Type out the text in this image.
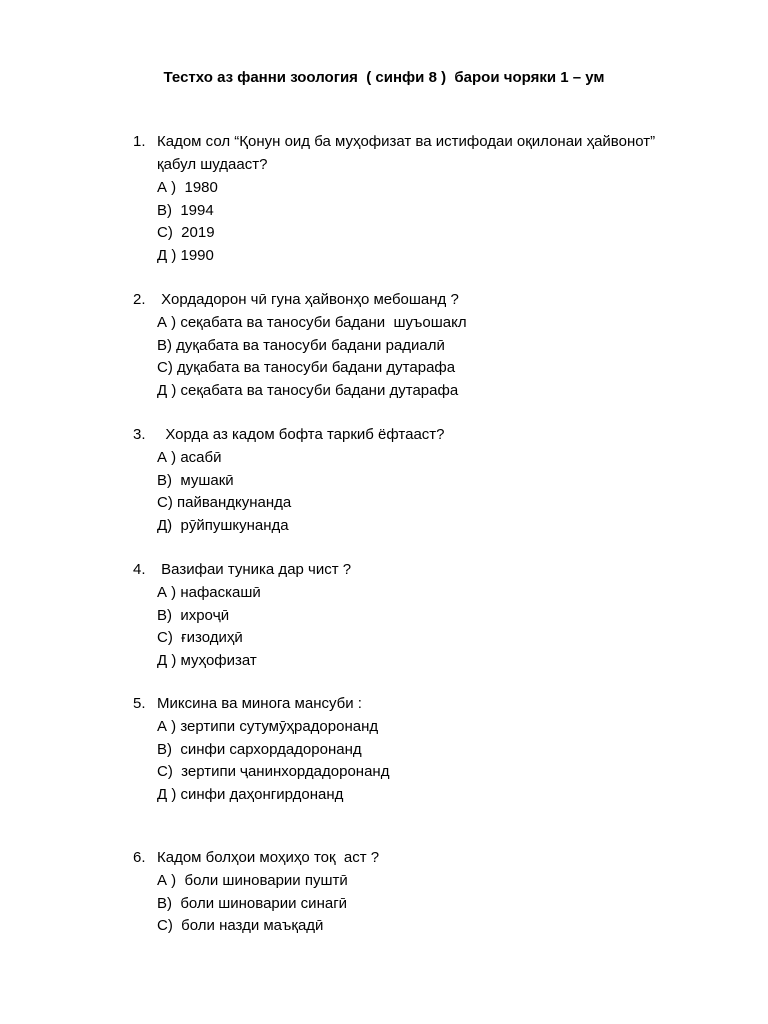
Тестхо аз фанни зоология  ( синфи 8 )  барои чоряки 1 – ум

1.

Кадом сол “Қонун оид ба муҳофизат ва истифодаи оқилонаи ҳайвонот”

қабул шудааст?
А )  1980
В)  1994
С)  2019
Д ) 1990

2.

Хордадорон чӣ гуна ҳайвонҳо мебошанд ?

А ) сеқабата ва таносуби бадани  шуъошакл
В) дуқабата ва таносуби бадани радиалӣ
С) дуқабата ва таносуби бадани дутарафа
Д ) сеқабата ва таносуби бадани дутарафа

3.

Хорда аз кадом бофта таркиб ёфтааст?

А ) асабӣ
В)  мушакӣ
С) пайвандкунанда
Д)  рӯйпушкунанда

4.

Вазифаи туника дар чист ?

А ) нафаскашӣ
В)  ихроҷӣ
С)  ғизодиҳӣ
Д ) муҳофизат

5.

Миксина ва минога мансуби :

А ) зертипи сутумӯҳрадоронанд
В)  синфи сархордадоронанд
С)  зертипи ҷанинхордадоронанд
Д ) синфи даҳонгирдонанд

6.

Кадом болҳои моҳиҳо тоқ  аст ?

А )  боли шиноварии пуштӣ
В)  боли шиноварии синагӣ
С)  боли назди маъқадӣ
